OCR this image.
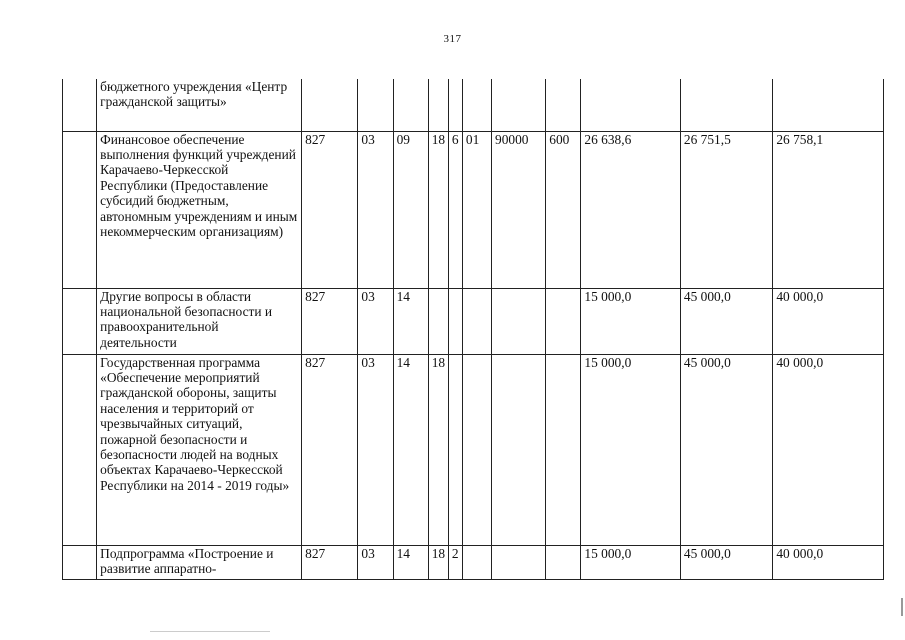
317
	бюджетного учреждения «Центр гражданской защиты»											
	Финансовое обеспечение выполнения функций учреждений Карачаево-Черкесской Республики (Предоставление субсидий бюджетным, автономным учреждениям и иным некоммерческим организациям)	827	03	09	18	6	01	90000	600	26 638,6	26 751,5	26 758,1
	Другие вопросы в области национальной безопасности и правоохранительной деятельности	827	03	14						15 000,0	45 000,0	40 000,0
	Государственная программа «Обеспечение мероприятий гражданской обороны, защиты населения и территорий от чрезвычайных ситуаций, пожарной безопасности и безопасности людей на водных объектах Карачаево-Черкесской Республики на 2014 - 2019 годы»	827	03	14	18					15 000,0	45 000,0	40 000,0
	Подпрограмма «Построение и развитие аппаратно-	827	03	14	18	2				15 000,0	45 000,0	40 000,0
